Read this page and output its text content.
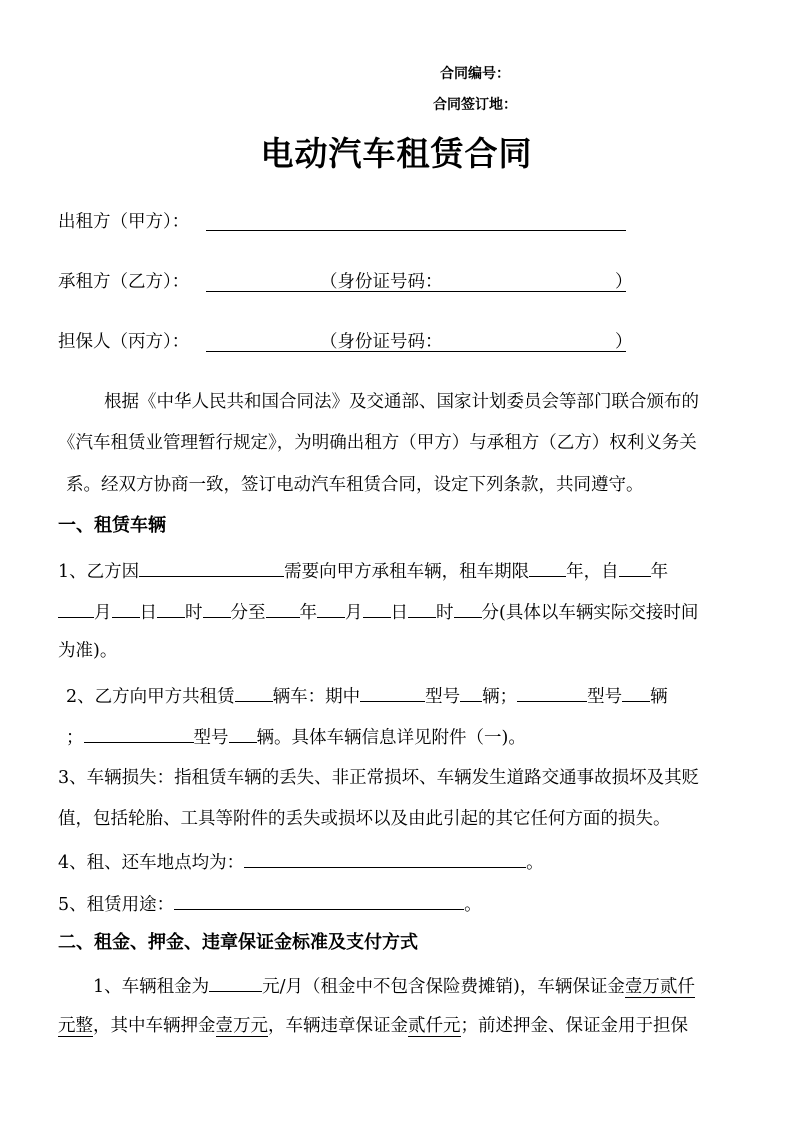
合同编号：
合同签订地：
电动汽车租赁合同
出租方（甲方）：
承租方（乙方）：	（身份证号码：	）
担保人（丙方）：	（身份证号码：	）
根据《中华人民共和国合同法》及交通部、国家计划委员会等部门联合颁布的
《汽车租赁业管理暂行规定》，为明确出租方（甲方）与承租方（乙方）权利义务关
系。经双方协商一致，签订电动汽车租赁合同，设定下列条款，共同遵守。
一、租赁车辆
1、乙方因	需要向甲方承租车辆，租车期限 年，自 年
月 日 时 分至 年 月 日 时 分(具体以车辆实际交接时间
为准)。
2、乙方向甲方共租赁 辆车：期中	型号 辆；	型号 辆
；	型号 辆。具体车辆信息详见附件（一)。
3、车辆损失：指租赁车辆的丢失、非正常损坏、车辆发生道路交通事故损坏及其贬
值，包括轮胎、工具等附件的丢失或损坏以及由此引起的其它任何方面的损失。
4、租、还车地点均为：	。
5、租赁用途：	。
二、租金、押金、违章保证金标准及支付方式
1、车辆租金为	元/月（租金中不包含保险费摊销)，车辆保证金壹万贰仟
元整，其中车辆押金壹万元，车辆违章保证金贰仟元；前述押金、保证金用于担保
